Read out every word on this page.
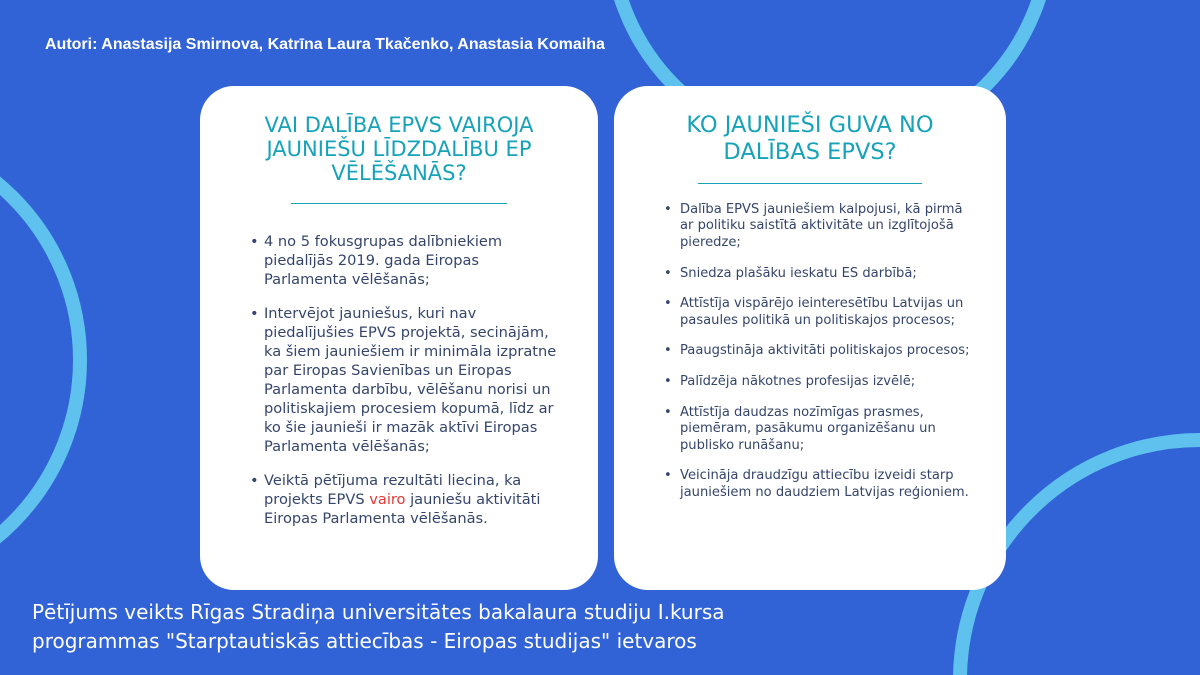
Autori: Anastasija Smirnova, Katrīna Laura Tkačenko, Anastasia Komaiha
VAI DALĪBA EPVS VAIROJA JAUNIEŠU LĪDZDALĪBU EP VĒLĒŠANĀS?
• 4 no 5 fokusgrupas dalībniekiem piedalījās 2019. gada Eiropas Parlamenta vēlēšanās;
• Intervējot jauniešus, kuri nav piedalījušies EPVS projektā, secinājām, ka šiem jauniešiem ir minimāla izpratne par Eiropas Savienības un Eiropas Parlamenta darbību, vēlēšanu norisi un politiskajiem procesiem kopumā, līdz ar ko šie jaunieši ir mazāk aktīvi Eiropas Parlamenta vēlēšanās;
• Veiktā pētījuma rezultāti liecina, ka projekts EPVS vairo jauniešu aktivitāti Eiropas Parlamenta vēlēšanās.
KO JAUNIEŠI GUVA NO DALĪBAS EPVS?
• Dalība EPVS jauniešiem kalpojusi, kā pirmā ar politiku saistītā aktivitāte un izglītojošā pieredze;
• Sniedza plašāku ieskatu ES darbībā;
• Attīstīja vispārējo ieinteresētību Latvijas un pasaules politikā un politiskajos procesos;
• Paaugstināja aktivitāti politiskajos procesos;
• Palīdzēja nākotnes profesijas izvēlē;
• Attīstīja daudzas nozīmīgas prasmes, piemēram, pasākumu organizēšanu un publisko runāšanu;
• Veicināja draudzīgu attiecību izveidi starp jauniešiem no daudziem Latvijas reģioniem.
Pētījums veikts Rīgas Stradiņa universitātes bakalaura studiju I.kursa
programmas "Starptautiskās attiecības - Eiropas studijas" ietvaros
